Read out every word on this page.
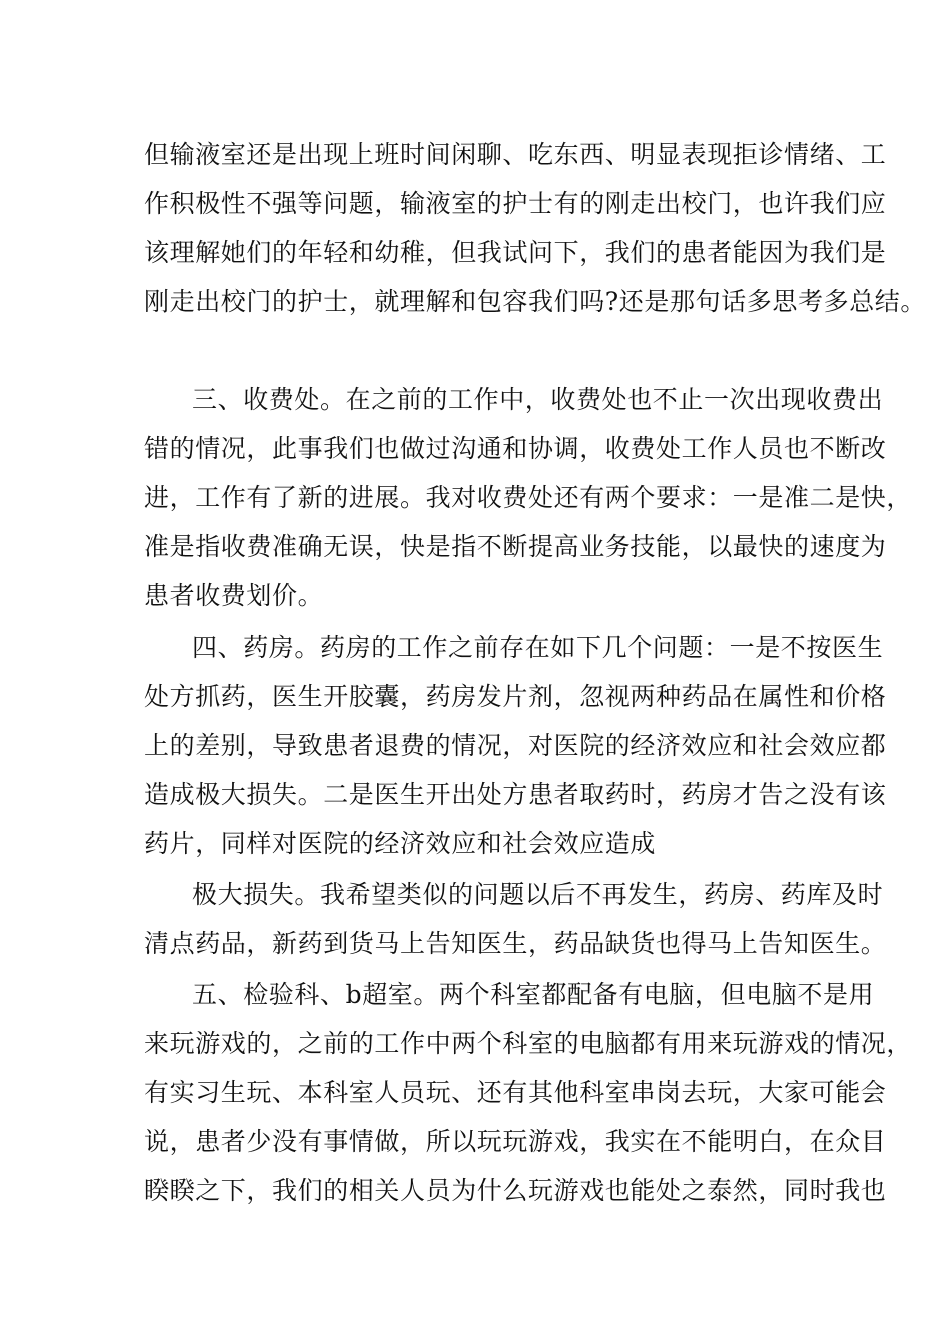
但输液室还是出现上班时间闲聊、吃东西、明显表现拒诊情绪、工
作积极性不强等问题，输液室的护士有的刚走出校门，也许我们应
该理解她们的年轻和幼稚，但我试问下，我们的患者能因为我们是
刚走出校门的护士，就理解和包容我们吗?还是那句话多思考多总结。
三、收费处。在之前的工作中，收费处也不止一次出现收费出
错的情况，此事我们也做过沟通和协调，收费处工作人员也不断改
进，工作有了新的进展。我对收费处还有两个要求：一是准二是快，
准是指收费准确无误，快是指不断提高业务技能，以最快的速度为
患者收费划价。
四、药房。药房的工作之前存在如下几个问题：一是不按医生
处方抓药，医生开胶囊，药房发片剂，忽视两种药品在属性和价格
上的差别，导致患者退费的情况，对医院的经济效应和社会效应都
造成极大损失。二是医生开出处方患者取药时，药房才告之没有该
药片，同样对医院的经济效应和社会效应造成
极大损失。我希望类似的问题以后不再发生，药房、药库及时
清点药品，新药到货马上告知医生，药品缺货也得马上告知医生。
五、检验科、b超室。两个科室都配备有电脑，但电脑不是用
来玩游戏的，之前的工作中两个科室的电脑都有用来玩游戏的情况，
有实习生玩、本科室人员玩、还有其他科室串岗去玩，大家可能会
说，患者少没有事情做，所以玩玩游戏，我实在不能明白，在众目
睽睽之下，我们的相关人员为什么玩游戏也能处之泰然，同时我也
